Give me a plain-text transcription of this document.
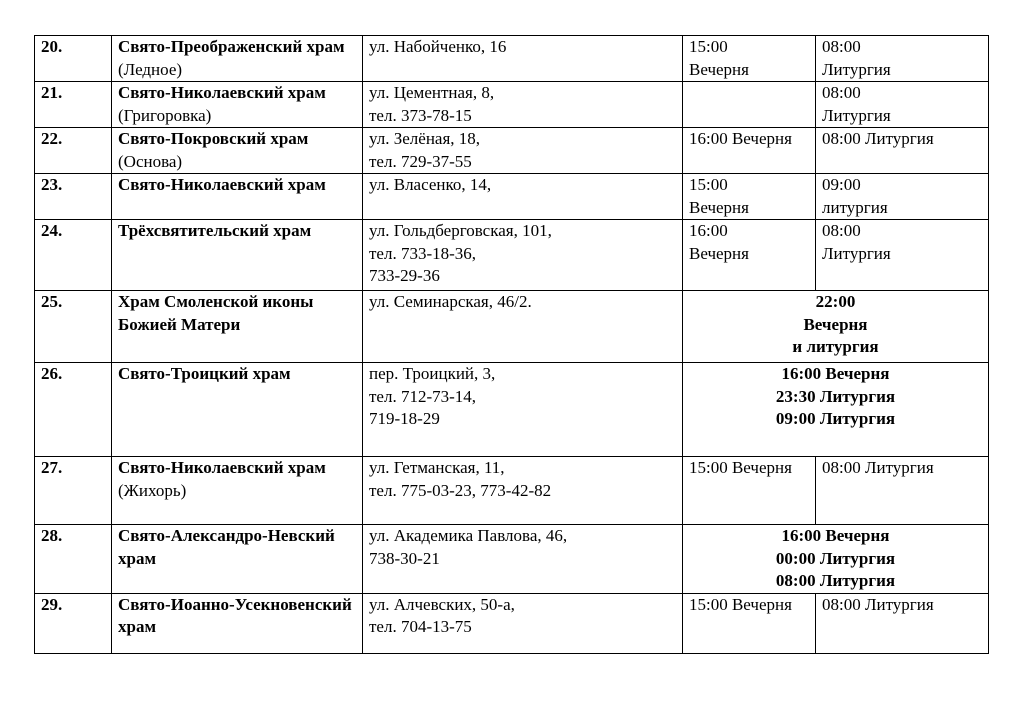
20.	Свято-Преображенский храм (Ледное)	ул. Набойченко, 16	15:00
Вечерня	08:00
Литургия
21.	Свято-Николаевский храм (Григоровка)	ул. Цементная, 8,
тел. 373-78-15		08:00
Литургия
22.	Свято-Покровский храм (Основа)	ул. Зелёная, 18,
тел. 729-37-55	16:00 Вечерня	08:00 Литургия
23.	Свято-Николаевский храм	ул. Власенко, 14,	15:00
Вечерня	09:00
литургия
24.	Трёхсвятительский храм	ул. Гольдберговская, 101,
тел. 733-18-36,
733-29-36	16:00
Вечерня	08:00
Литургия
25.	Храм Смоленской иконы Божией Матери	ул. Семинарская, 46/2.	22:00
Вечерня
и литургия	
26.	Свято-Троицкий храм	пер. Троицкий, 3,
тел. 712-73-14,
719-18-29	16:00 Вечерня
23:30 Литургия
09:00 Литургия	
27.	Свято-Николаевский храм
(Жихорь)	ул. Гетманская, 11,
тел. 775-03-23, 773-42-82	15:00 Вечерня	08:00 Литургия
28.	Свято-Александро-Невский храм	ул. Академика Павлова, 46,
738-30-21	16:00 Вечерня
00:00 Литургия
08:00 Литургия	
29.	Свято-Иоанно-Усекновенский храм	ул. Алчевских, 50-а,
тел. 704-13-75	15:00 Вечерня	08:00 Литургия
